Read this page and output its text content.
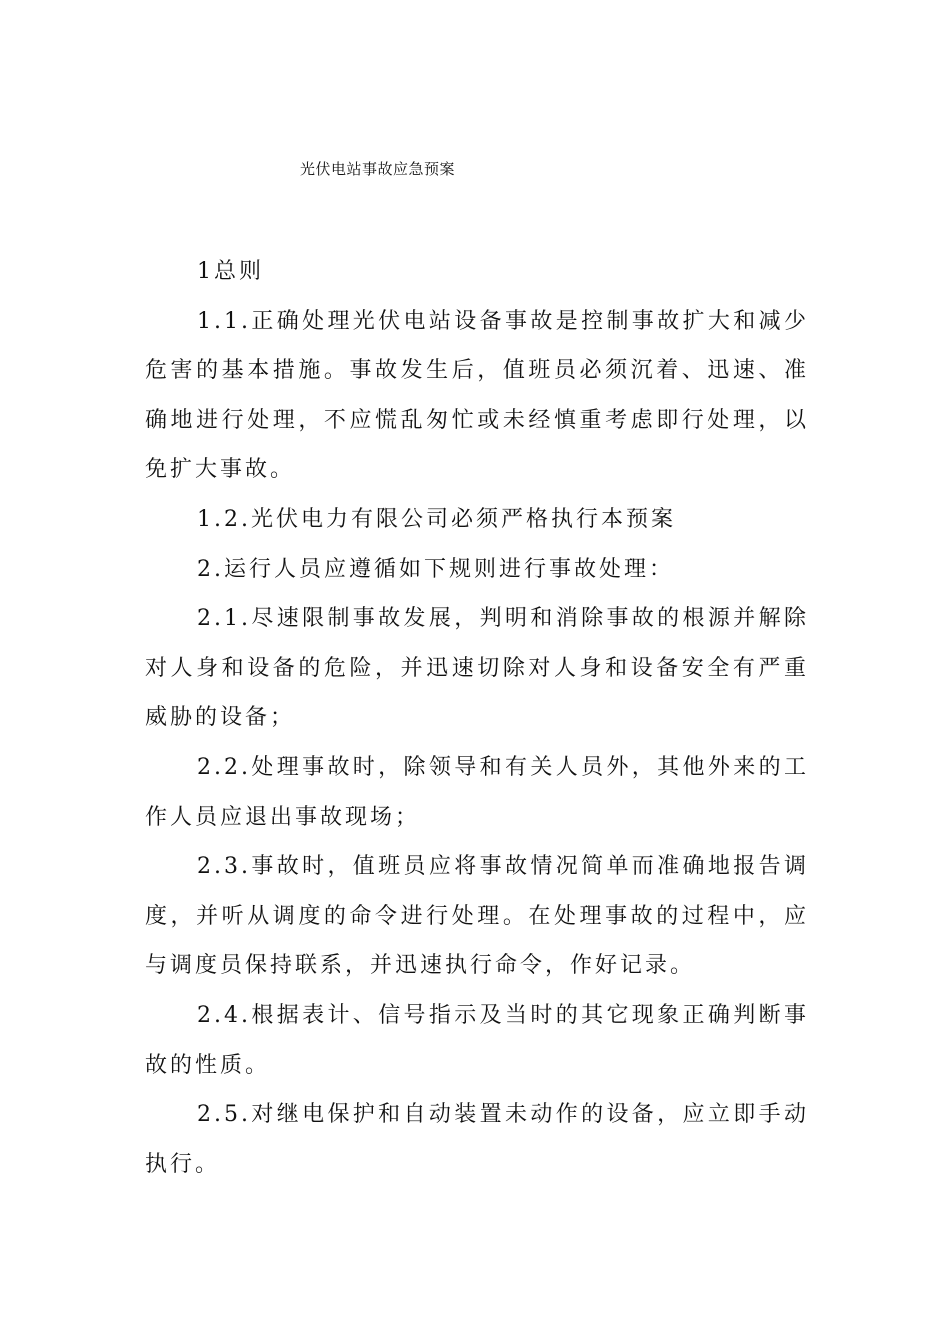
光伏电站事故应急预案

1总则

1.1.正确处理光伏电站设备事故是控制事故扩大和减少危害的基本措施。事故发生后，值班员必须沉着、迅速、准确地进行处理，不应慌乱匆忙或未经慎重考虑即行处理，以免扩大事故。

1.2.光伏电力有限公司必须严格执行本预案

2.运行人员应遵循如下规则进行事故处理：

2.1.尽速限制事故发展，判明和消除事故的根源并解除对人身和设备的危险，并迅速切除对人身和设备安全有严重威胁的设备；

2.2.处理事故时，除领导和有关人员外，其他外来的工作人员应退出事故现场；

2.3.事故时，值班员应将事故情况简单而准确地报告调度，并听从调度的命令进行处理。在处理事故的过程中，应与调度员保持联系，并迅速执行命令，作好记录。

2.4.根据表计、信号指示及当时的其它现象正确判断事故的性质。

2.5.对继电保护和自动装置未动作的设备，应立即手动执行。
